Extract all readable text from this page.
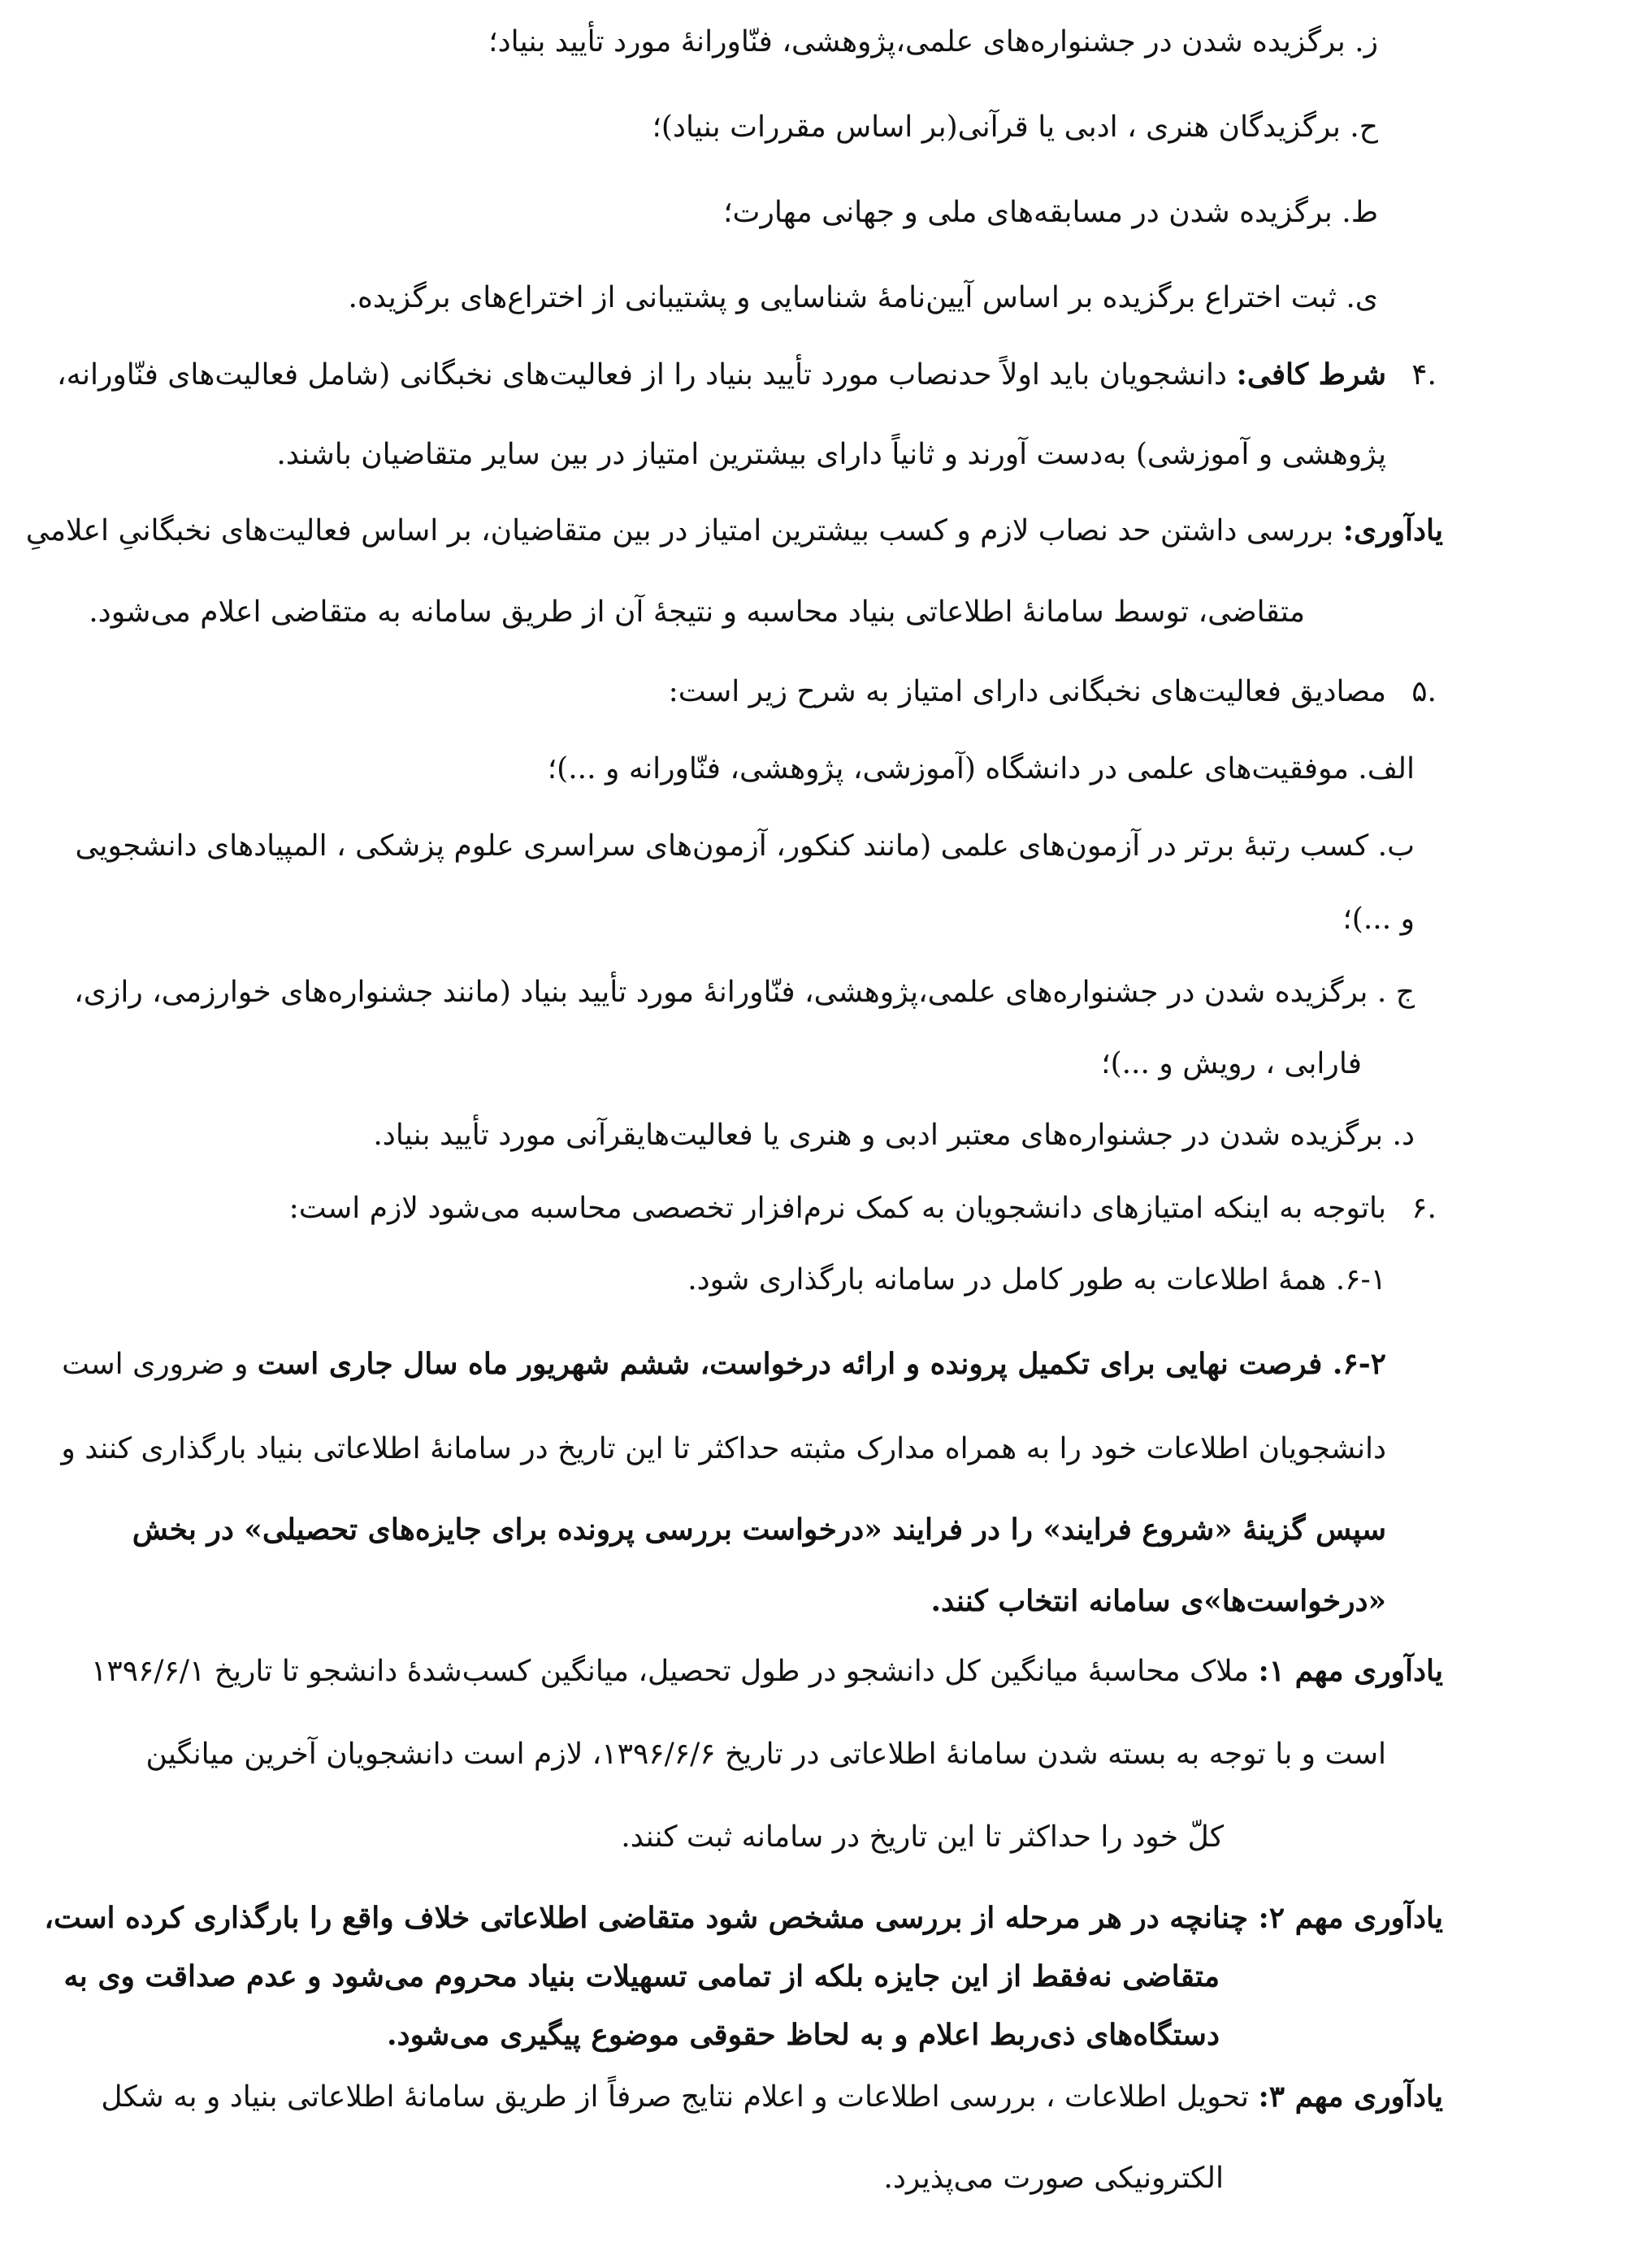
ز. برگزیده شدن در جشنواره‌های علمی،پژوهشی، فنّاورانهٔ مورد تأیید بنیاد؛
ح. برگزیدگان هنری ، ادبی یا قرآنی(بر اساس مقررات بنیاد)؛
ط. برگزیده شدن در مسابقه‌های ملی و جهانی مهارت؛
ی. ثبت اختراع برگزیده بر اساس آیین‌نامهٔ شناسایی و پشتیبانی از اختراع‌های برگزیده.
۴.
شرط کافی: دانشجویان باید اولاً حدنصاب مورد تأیید بنیاد را از فعالیت‌های نخبگانی (شامل فعالیت‌های فنّاورانه،
پژوهشی و آموزشی) به‌دست آورند و ثانیاً دارای بیشترین امتیاز در بین سایر متقاضیان باشند.
یادآوری: بررسی داشتن حد نصاب لازم و کسب بیشترین امتیاز در بین متقاضیان، بر اساس فعالیت‌های نخبگانیِ اعلامیِ
متقاضی، توسط سامانهٔ اطلاعاتی بنیاد محاسبه و نتیجهٔ آن از طریق سامانه به متقاضی اعلام می‌شود.
۵.
مصادیق فعالیت‌های نخبگانی دارای امتیاز به شرح زیر است:
الف. موفقیت‌های علمی در دانشگاه (آموزشی، پژوهشی، فنّاورانه و ...)؛
ب. کسب رتبهٔ برتر در آزمون‌های علمی (مانند کنکور، آزمون‌های سراسری علوم پزشکی ، المپیادهای دانشجویی
و ...)؛
ج . برگزیده شدن در جشنواره‌های علمی،پژوهشی، فنّاورانهٔ مورد تأیید بنیاد (مانند جشنواره‌های خوارزمی، رازی،
فارابی ، رویش و ...)؛
د. برگزیده شدن در جشنواره‌های معتبر ادبی و هنری یا فعالیت‌هایقرآنی مورد تأیید بنیاد.
۶.
باتوجه به اینکه امتیازهای دانشجویان به کمک نرم‌افزار تخصصی محاسبه می‌شود لازم است:
۶-۱. همهٔ اطلاعات به طور کامل در سامانه بارگذاری شود.
۶-۲. فرصت نهایی برای تکمیل پرونده و ارائه درخواست، ششم شهریور ماه سال جاری است و ضروری است
دانشجویان اطلاعات خود را به همراه مدارک مثبته حداکثر تا این تاریخ در سامانهٔ اطلاعاتی بنیاد بارگذاری کنند و
سپس گزینهٔ «شروع فرایند» را در فرایند «درخواست بررسی پرونده برای جایزه‌های تحصیلی» در بخش
«درخواست‌ها»ی سامانه انتخاب کنند.
یادآوری مهم ۱: ملاک محاسبهٔ میانگین کل دانشجو در طول تحصیل، میانگین کسب‌شدهٔ دانشجو تا تاریخ ۱۳۹۶/۶/۱
است و با توجه به بسته شدن سامانهٔ اطلاعاتی در تاریخ ۱۳۹۶/۶/۶، لازم است دانشجویان آخرین میانگین
کلّ خود را حداکثر تا این تاریخ در سامانه ثبت کنند.
یادآوری مهم ۲: چنانچه در هر مرحله از بررسی مشخص شود متقاضی اطلاعاتی خلاف واقع را بارگذاری کرده است،
متقاضی نه‌فقط از این جایزه بلکه از تمامی تسهیلات بنیاد محروم می‌شود و عدم صداقت وی به
دستگاه‌های ذی‌ربط اعلام و به لحاظ حقوقی موضوع پیگیری می‌شود.
یادآوری مهم ۳: تحویل اطلاعات ، بررسی اطلاعات و اعلام نتایج صرفاً از طریق سامانهٔ اطلاعاتی بنیاد و به شکل
الکترونیکی صورت می‌پذیرد.
